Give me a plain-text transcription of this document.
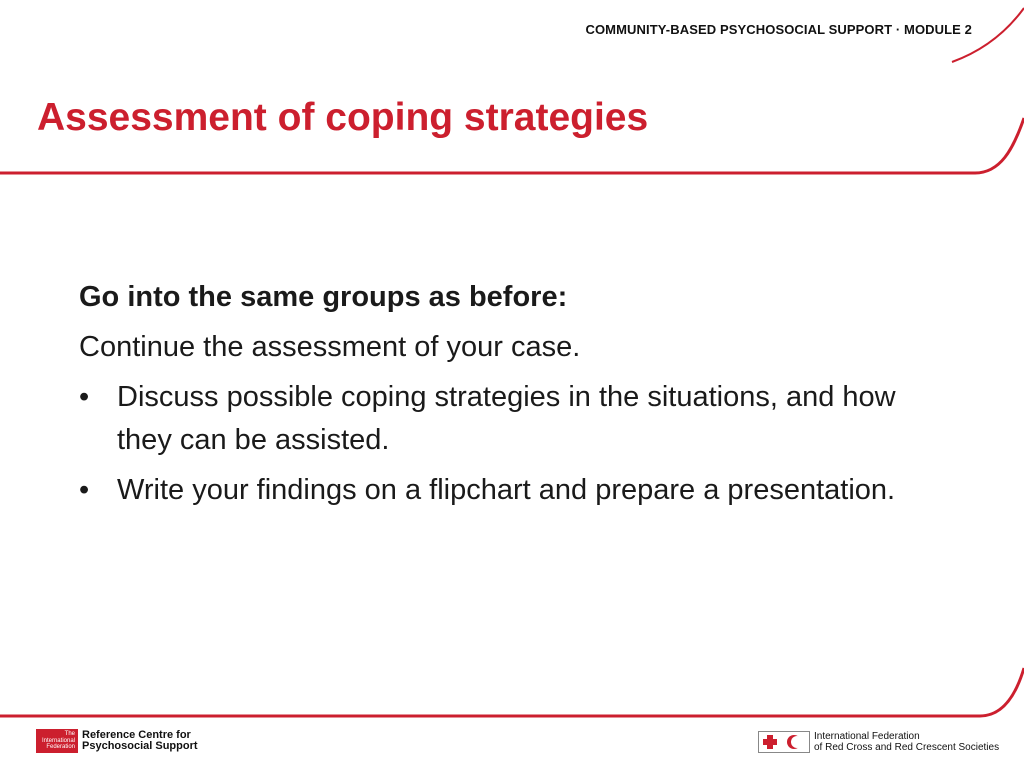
COMMUNITY-BASED PSYCHOSOCIAL SUPPORT · MODULE 2
Assessment of coping strategies

Go into the same groups as before:

Continue the assessment of your case.

• Discuss possible coping strategies in the situations, and how they can be assisted.
• Write your findings on a flipchart and prepare a presentation.
The
International
Federation
Reference Centre for
Psychosocial Support
International Federation
of Red Cross and Red Crescent Societies
